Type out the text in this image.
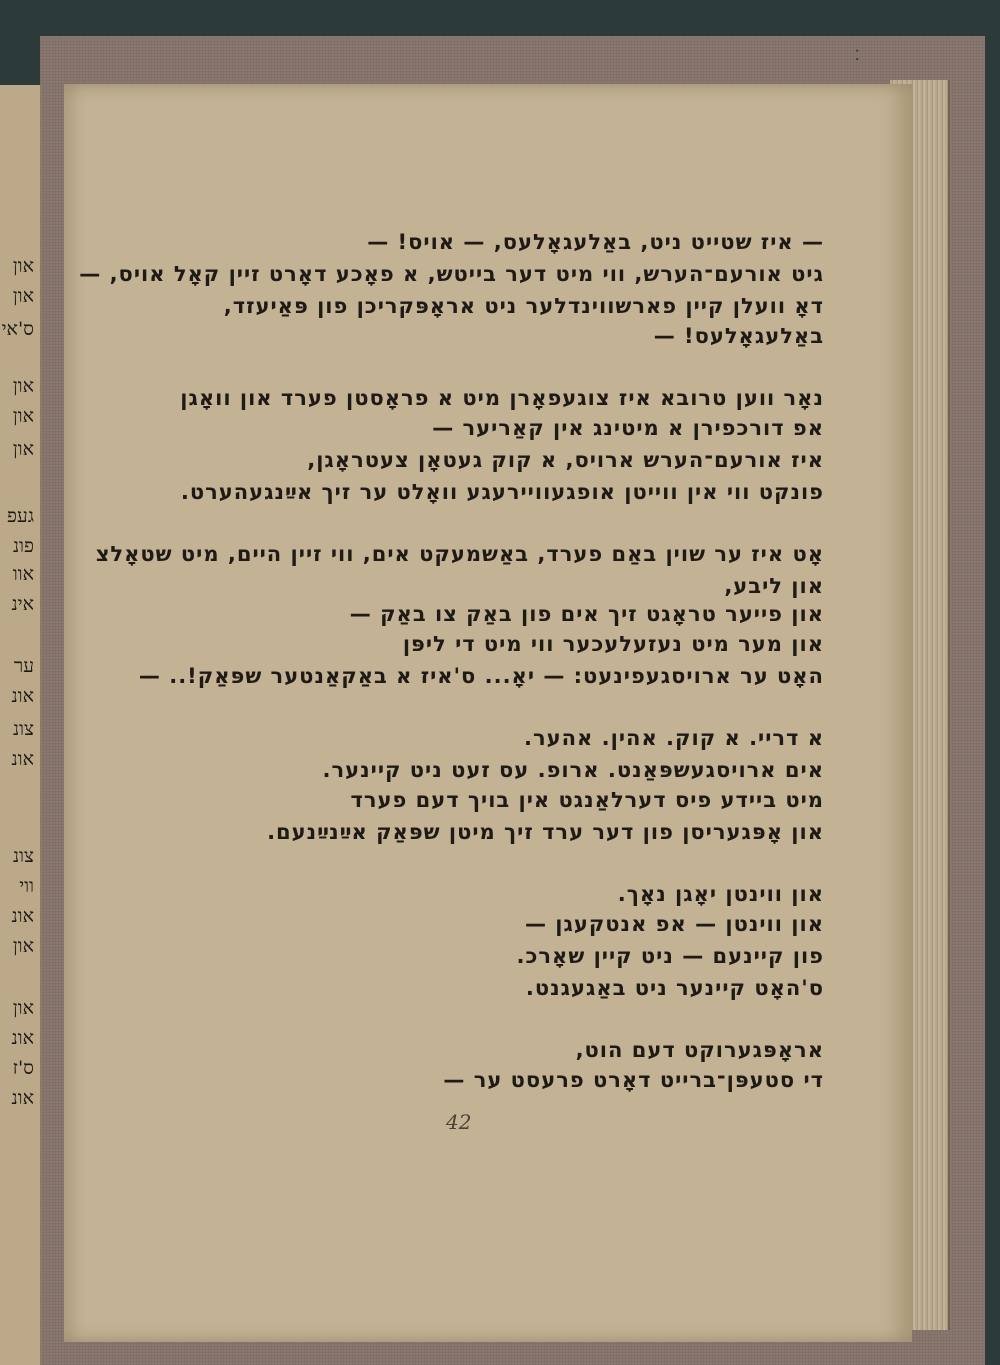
⁚
און
און
ס'אי
און
און
און
געפ
פונ
אוו
אינ
ער
אונ
צונ
אונ
צונ
ווי
אונ
און
און
אונ
ס'ז
אונ
— איז שטייט ניט, באַלעגאָלעס, — אויס! —
גיט אורעם־הערש, ווי מיט דער בייטש, א פאָכע דאָרט זיין קאָל אויס, —
דאָ וועלן קיין פארשווינדלער ניט אראָפּקריכן פון פּאַיעזד,
באַלעגאָלעס! —
נאָר ווען טרובא איז צוגעפאָרן מיט א פראָסטן פערד און וואָגן
אפ דורכפירן א מיטינג אין קאַריער —
איז אורעם־הערש ארויס, א קוק געטאָן צעטראָגן,
פונקט ווי אין ווייטן אופגעוויירעגע וואָלט ער זיך אײַנגעהערט.
אָט איז ער שוין באַם פערד, באַשמעקט אים, ווי זיין היים, מיט שטאָלצ
און ליבע,
און פייער טראָגט זיך אים פון באַק צו באַק —
און מער מיט נעזעלעכער ווי מיט די ליפּן
האָט ער ארויסגעפינעט: — יאָ... ס'איז א באַקאַנטער שפּאַק!.. —
א דריי. א קוק. אהין. אהער.
אים ארויסגעשפּאַנט. ארופ. עס זעט ניט קיינער.
מיט ביידע פיס דערלאַנגט אין בויך דעם פערד
און אָפּגעריסן פון דער ערד זיך מיטן שפּאַק אײַנײַנעם.
און ווינטן יאָגן נאָך.
און ווינטן — אפ אנטקעגן —
פון קיינעם — ניט קיין שאָרכ.
ס'האָט קיינער ניט באַגעגנט.
אראָפּגערוקט דעם הוט,
די סטעפּן־ברייט דאָרט פרעסט ער —
42
